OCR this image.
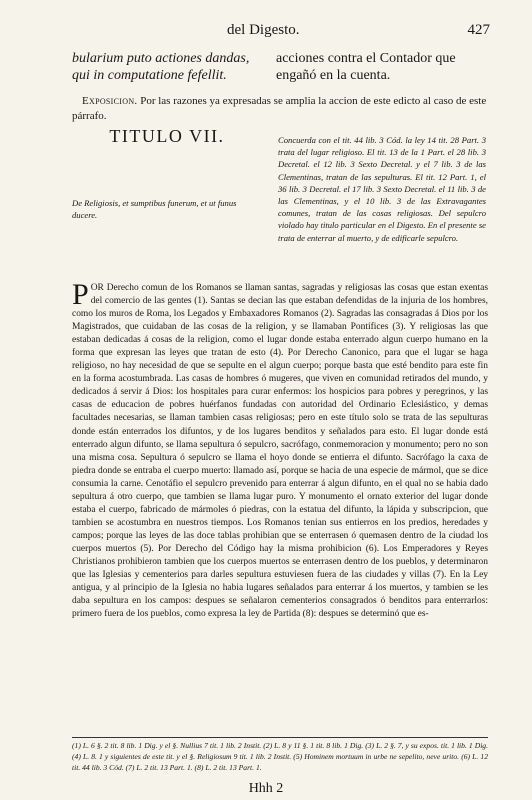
del Digesto.	427
bularium puto actiones dandas, qui in computatione fefellit.
acciones contra el Contador que engañó en la cuenta.
Exposicion. Por las razones ya expresadas se amplia la accion de este edicto al caso de este párrafo.
TITULO VII.	Concuerda con el tit. 44 lib. 3 Cód. la ley 14 tit. 28 Part. 3 trata del lugar religioso. El tit. 13 de la 1 Part. el 28 lib. 3 Decretal. el 12 lib. 3 Sexto Decretal. y el 7 lib. 3 de las Clementinas, tratan de las sepulturas. El tit. 12 Part. 1, el 36 lib. 3 Decretal. el 17 lib. 3 Sexto Decretal. el 11 lib. 3 de las Clementinas, y el 10 lib. 3 de las Extravagantes comunes, tratan de las cosas religiosas. Del sepulcro violado hay titulo particular en el Digesto. En el presente se trata de enterrar al muerto, y de edificarle sepulcro.
De Religiosis, et sumptibus funerum, et ut funus ducere.
POR Derecho comun de los Romanos se llaman santas, sagradas y religiosas las cosas que estan exentas del comercio de las gentes (1). Santas se decian las que estaban defendidas de la injuria de los hombres, como los muros de Roma, los Legados y Embaxadores Romanos (2). Sagradas las consagradas á Dios por los Magistrados, que cuidaban de las cosas de la religion, y se llamaban Pontífices (3). Y religiosas las que estaban dedicadas á cosas de la religion, como el lugar donde estaba enterrado algun cuerpo humano en la forma que expresan las leyes que tratan de esto (4). Por Derecho Canonico, para que el lugar se haga religioso, no hay necesidad de que se sepulte en el algun cuerpo; porque basta que esté bendito para este fin en la forma acostumbrada. Las casas de hombres ó mugeres, que viven en comunidad retirados del mundo, y dedicados á servir á Dios: los hospitales para curar enfermos: los hospicios para pobres y peregrinos, y las casas de educacion de pobres huérfanos fundadas con autoridad del Ordinario Eclesiástico, y demas facultades necesarias, se llaman tambien casas religiosas; pero en este título solo se trata de las sepulturas donde están enterrados los difuntos, y de los lugares benditos y señalados para esto. El lugar donde está enterrado algun difunto, se llama sepultura ó sepulcro, sacrófago, conmemoracion y monumento; pero no son una misma cosa. Sepultura ó sepulcro se llama el hoyo donde se entierra el difunto. Sacrófago la caxa de piedra donde se entraba el cuerpo muerto: llamado así, porque se hacia de una especie de mármol, que se dice consumia la carne. Cenotáfio el sepulcro prevenido para enterrar á algun difunto, en el qual no se habia dado sepultura á otro cuerpo, que tambien se llama lugar puro. Y monumento el ornato exterior del lugar donde estaba el cuerpo, fabricado de mármoles ó piedras, con la estatua del difunto, la lápida y subscripcion, que tambien se acostumbra en nuestros tiempos. Los Romanos tenian sus entierros en los predios, heredades y campos; porque las leyes de las doce tablas prohibian que se enterrasen ó quemasen dentro de la ciudad los cuerpos muertos (5). Por Derecho del Código hay la misma prohibicion (6). Los Emperadores y Reyes Christianos prohibieron tambien que los cuerpos muertos se enterrasen dentro de los pueblos, y determinaron que las Iglesias y cementerios para darles sepultura estuviesen fuera de las ciudades y villas (7). En la Ley antigua, y al principio de la Iglesia no habia lugares señalados para enterrar á los muertos, y tambien se les daba sepultura en los campos: despues se señalaron cementerios consagrados ó benditos para enterrarlos: primero fuera de los pueblos, como expresa la ley de Partida (8): despues se determinó que es-
(1) L. 6 §. 2 tit. 8 lib. 1 Dig. y el §. Nullius 7 tit. 1 lib. 2 Instit. (2) L. 8 y 11 §. 1 tit. 8 lib. 1 Dig. (3) L. 2 §. 7, y su expos. tit. 1 lib. 1 Dig. (4) L. 8. 1 y siguientes de este tit. y el §. Religiosum 9 tit. 1 lib. 2 Instit. (5) Hominem mortuum in urbe ne sepelito, neve urito. (6) L. 12 tit. 44 lib. 3 Cód. (7) L. 2 tit. 13 Part. 1. (8) L. 2 tit. 13 Part. 1.
Hhh 2
